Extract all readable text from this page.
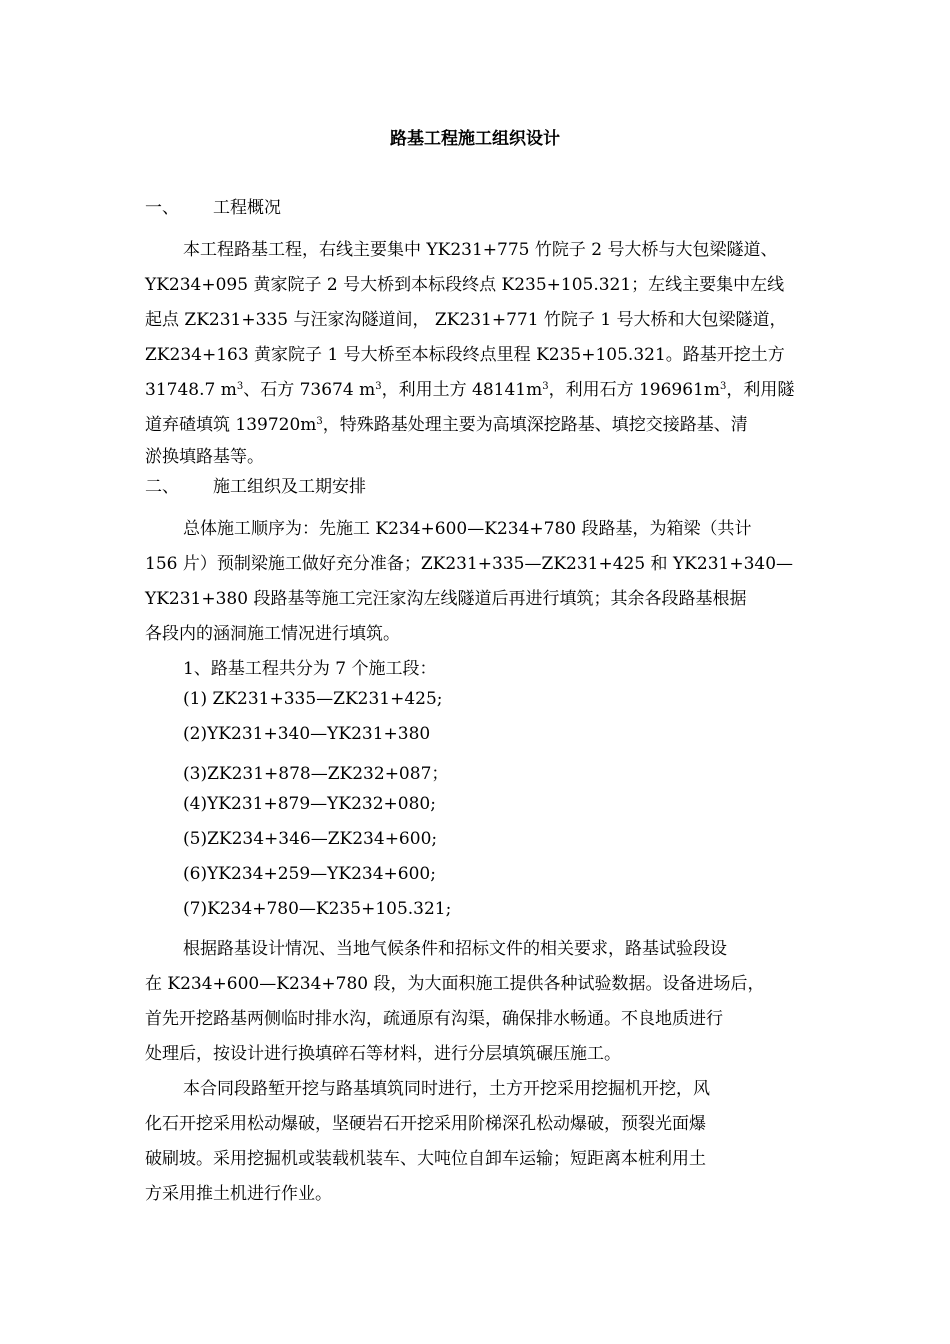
路基工程施工组织设计
一、 工程概况
本工程路基工程，右线主要集中 YK231+775 竹院子 2 号大桥与大包梁隧道、
YK234+095 黄家院子 2 号大桥到本标段终点 K235+105.321；左线主要集中左线
起点 ZK231+335 与汪家沟隧道间， ZK231+771 竹院子 1 号大桥和大包梁隧道，
ZK234+163 黄家院子 1 号大桥至本标段终点里程 K235+105.321。路基开挖土方
31748.7 $m^3$、石方 73674 $m^3$，利用土方 $48141m^3$，利用石方 $196961m^3$，利用隧
道弃碴填筑 $139720m^3$，特殊路基处理主要为高填深挖路基、填挖交接路基、清
淤换填路基等。
二、 施工组织及工期安排
总体施工顺序为：先施工 K234+600—K234+780 段路基，为箱梁（共计
156 片）预制梁施工做好充分准备；ZK231+335—ZK231+425 和 YK231+340—
YK231+380 段路基等施工完汪家沟左线隧道后再进行填筑；其余各段路基根据
各段内的涵洞施工情况进行填筑。
1、路基工程共分为 7 个施工段：
(1) ZK231+335—ZK231+425;
(2)YK231+340—YK231+380
(3)ZK231+878—ZK232+087；
(4)YK231+879—YK232+080;
(5)ZK234+346—ZK234+600;
(6)YK234+259—YK234+600;
(7)K234+780—K235+105.321;
根据路基设计情况、当地气候条件和招标文件的相关要求，路基试验段设
在 K234+600—K234+780 段，为大面积施工提供各种试验数据。设备进场后，
首先开挖路基两侧临时排水沟，疏通原有沟渠，确保排水畅通。不良地质进行
处理后，按设计进行换填碎石等材料，进行分层填筑碾压施工。
本合同段路堑开挖与路基填筑同时进行，土方开挖采用挖掘机开挖，风
化石开挖采用松动爆破，坚硬岩石开挖采用阶梯深孔松动爆破，预裂光面爆
破刷坡。采用挖掘机或装载机装车、大吨位自卸车运输；短距离本桩利用土
方采用推土机进行作业。
